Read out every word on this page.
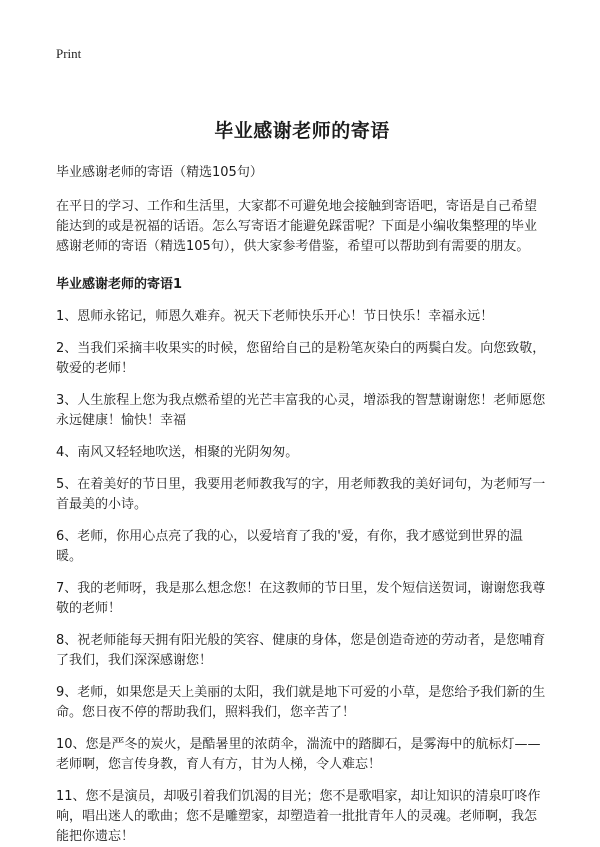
Print
毕业感谢老师的寄语
毕业感谢老师的寄语（精选105句）
在平日的学习、工作和生活里，大家都不可避免地会接触到寄语吧，寄语是自己希望能达到的或是祝福的话语。怎么写寄语才能避免踩雷呢？下面是小编收集整理的毕业感谢老师的寄语（精选105句），供大家参考借鉴，希望可以帮助到有需要的朋友。
毕业感谢老师的寄语1
1、恩师永铭记，师恩久难弃。祝天下老师快乐开心！节日快乐！幸福永远！
2、当我们采摘丰收果实的时候，您留给自己的是粉笔灰染白的两鬓白发。向您致敬，敬爱的老师！
3、人生旅程上您为我点燃希望的光芒丰富我的心灵，增添我的智慧谢谢您！老师愿您永远健康！愉快！幸福
4、南风又轻轻地吹送，相聚的光阴匆匆。
5、在着美好的节日里，我要用老师教我写的字，用老师教我的美好词句，为老师写一首最美的小诗。
6、老师，你用心点亮了我的心，以爱培育了我的'爱，有你，我才感觉到世界的温暖。
7、我的老师呀，我是那么想念您！在这教师的节日里，发个短信送贺词，谢谢您我尊敬的老师！
8、祝老师能每天拥有阳光般的笑容、健康的身体，您是创造奇迹的劳动者，是您哺育了我们，我们深深感谢您！
9、老师，如果您是天上美丽的太阳，我们就是地下可爱的小草，是您给予我们新的生命。您日夜不停的帮助我们，照料我们，您辛苦了！
10、您是严冬的炭火，是酷暑里的浓荫伞，湍流中的踏脚石，是雾海中的航标灯——老师啊，您言传身教，育人有方，甘为人梯，令人难忘！
11、您不是演员，却吸引着我们饥渴的目光；您不是歌唱家，却让知识的清泉叮咚作响，唱出迷人的歌曲；您不是雕塑家，却塑造着一批批青年人的灵魂。老师啊，我怎能把你遗忘！
